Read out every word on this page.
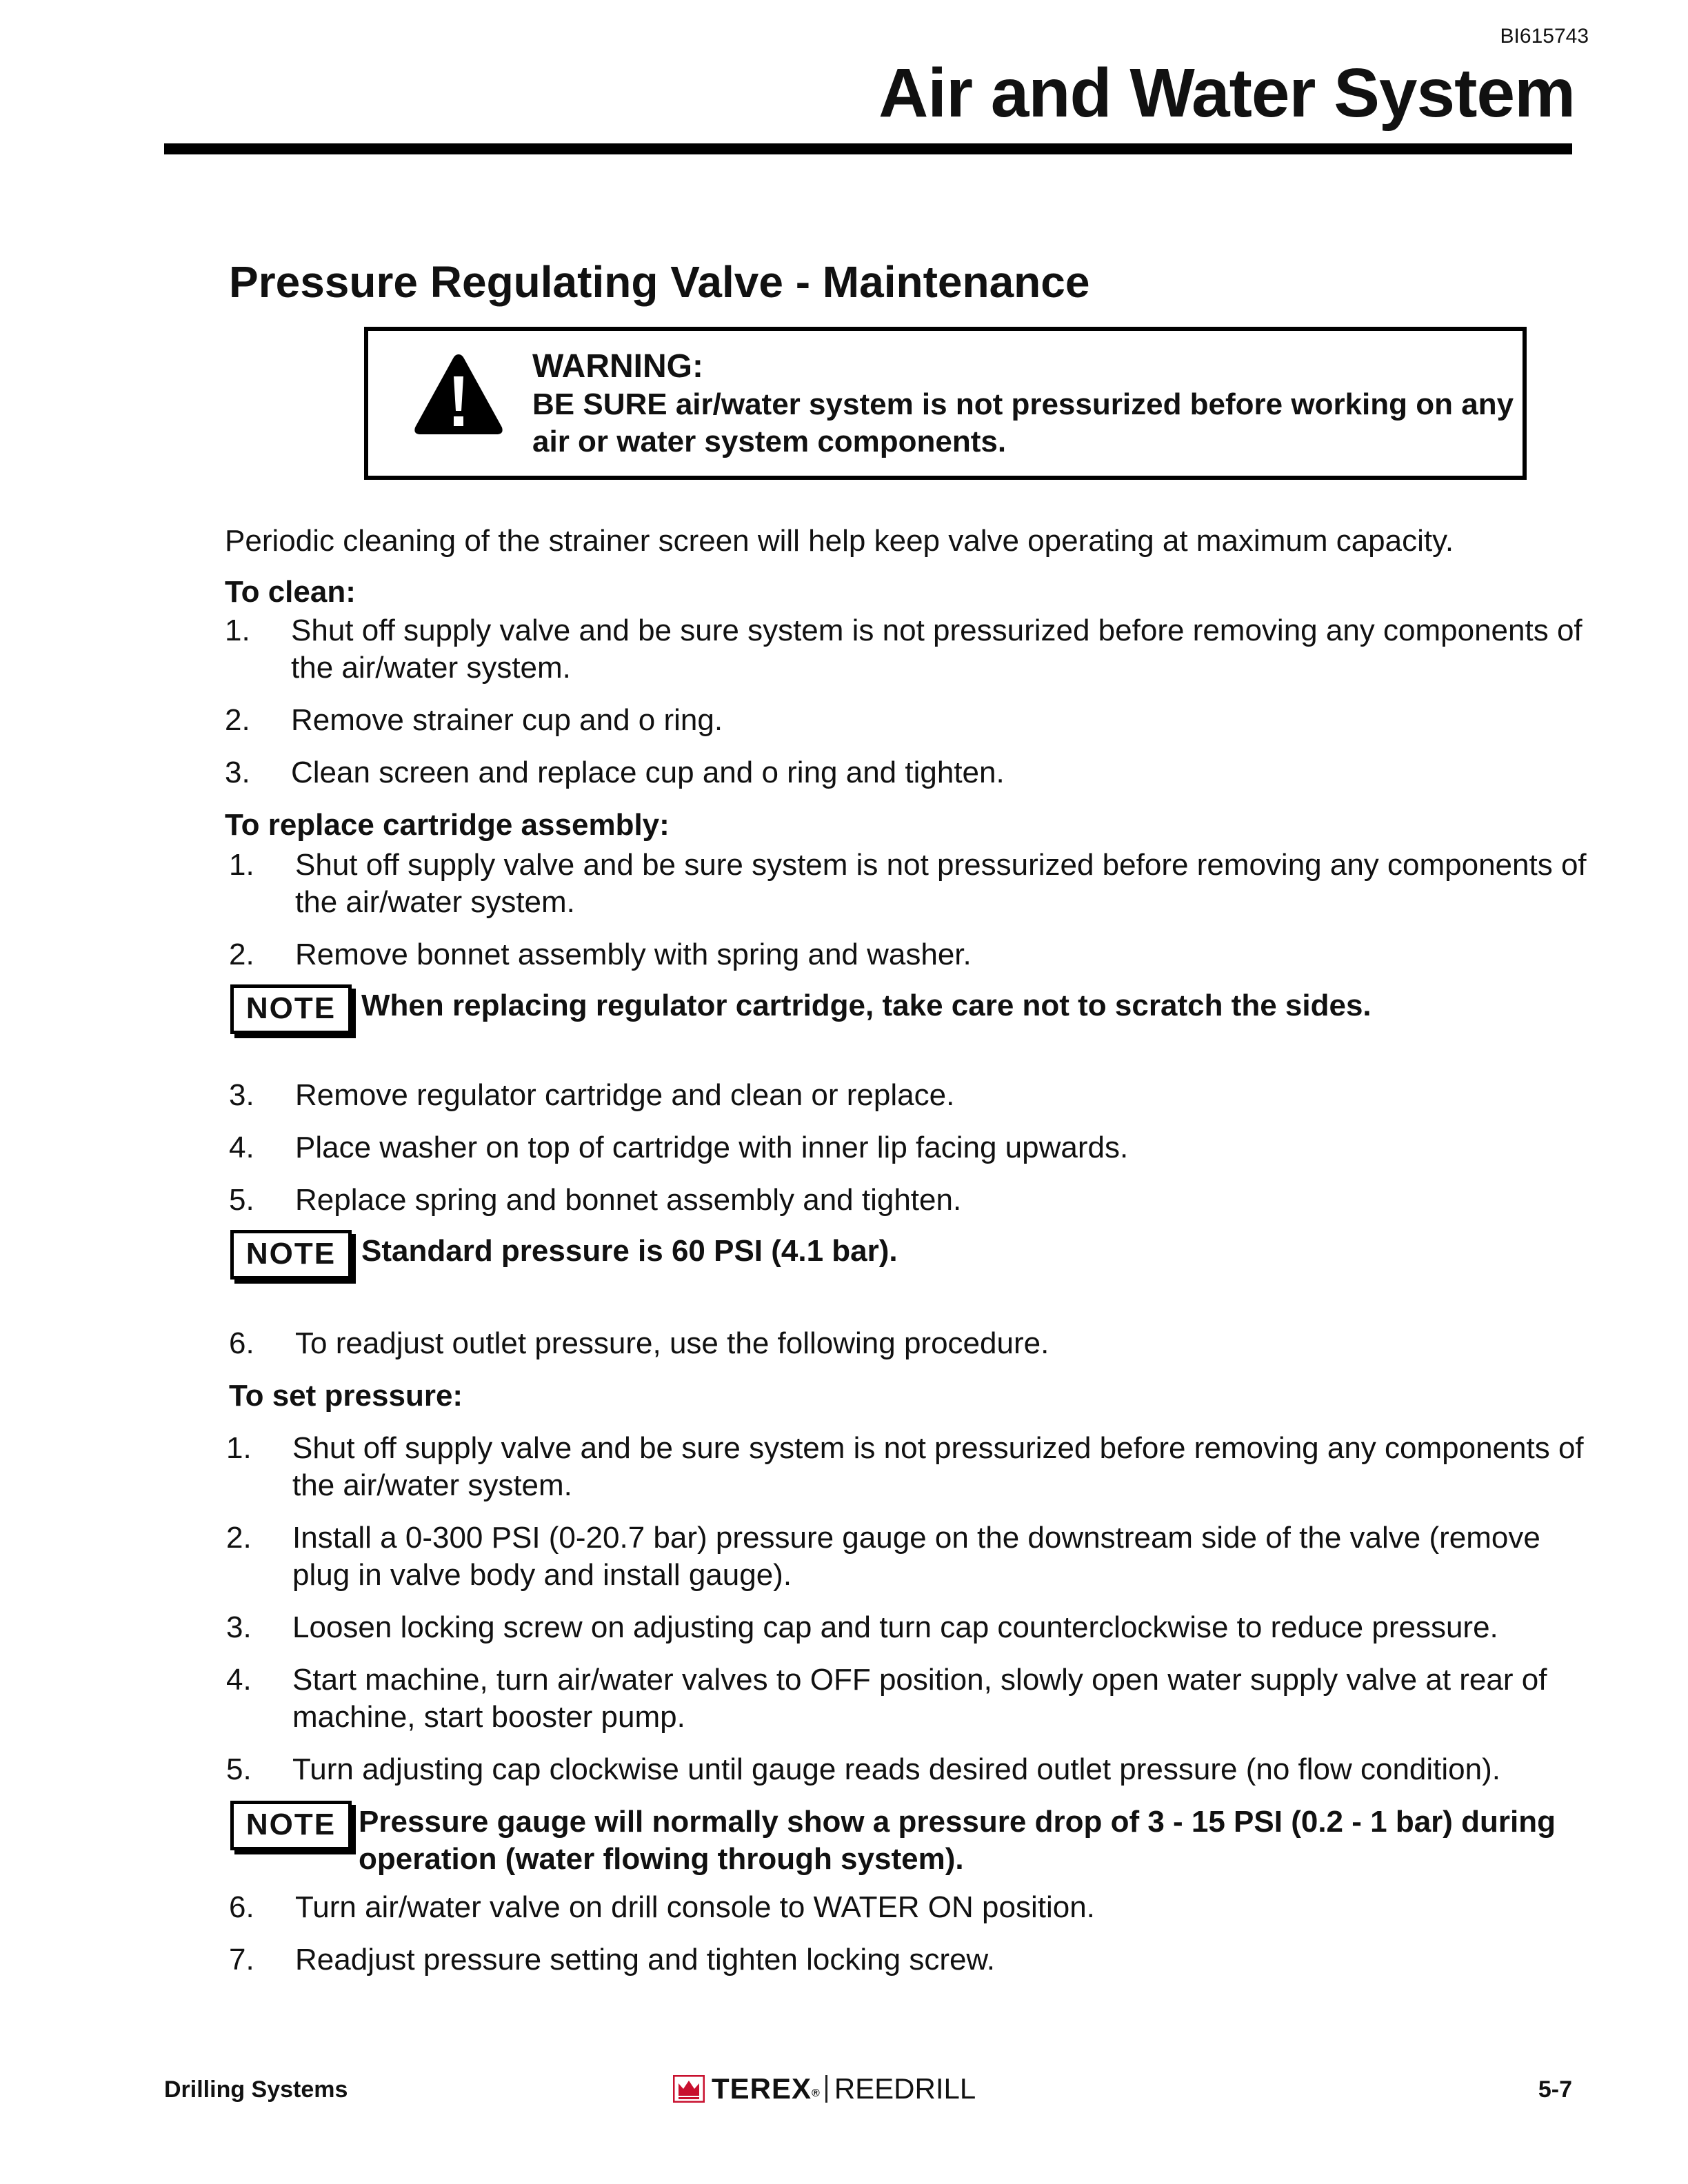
BI615743
Air and Water System
Pressure Regulating Valve - Maintenance
WARNING:
BE SURE air/water system is not pressurized before working on any air or water system components.
Periodic cleaning of the strainer screen will help keep valve operating at maximum capacity.
To clean:
1. Shut off supply valve and be sure system is not pressurized before removing any components of the air/water system.
2. Remove strainer cup and o ring.
3. Clean screen and replace cup and o ring and tighten.
To replace cartridge assembly:
1. Shut off supply valve and be sure system is not pressurized before removing any components of the air/water system.
2. Remove bonnet assembly with spring and washer.
NOTE When replacing regulator cartridge, take care not to scratch the sides.
3. Remove regulator cartridge and clean or replace.
4. Place washer on top of cartridge with inner lip facing upwards.
5. Replace spring and bonnet assembly and tighten.
NOTE Standard pressure is 60 PSI (4.1 bar).
6. To readjust outlet pressure, use the following procedure.
To set pressure:
1. Shut off supply valve and be sure system is not pressurized before removing any components of the air/water system.
2. Install a 0-300 PSI (0-20.7 bar) pressure gauge on the downstream side of the valve (remove plug in valve body and install gauge).
3. Loosen locking screw on adjusting cap and turn cap counterclockwise to reduce pressure.
4. Start machine, turn air/water valves to OFF position, slowly open water supply valve at rear of machine, start booster pump.
5. Turn adjusting cap clockwise until gauge reads desired outlet pressure (no flow condition).
NOTE Pressure gauge will normally show a pressure drop of 3 - 15 PSI (0.2 - 1 bar) during operation (water flowing through system).
6. Turn air/water valve on drill console to WATER ON position.
7. Readjust pressure setting and tighten locking screw.
Drilling Systems	TEREX ® REEDRILL	5-7
